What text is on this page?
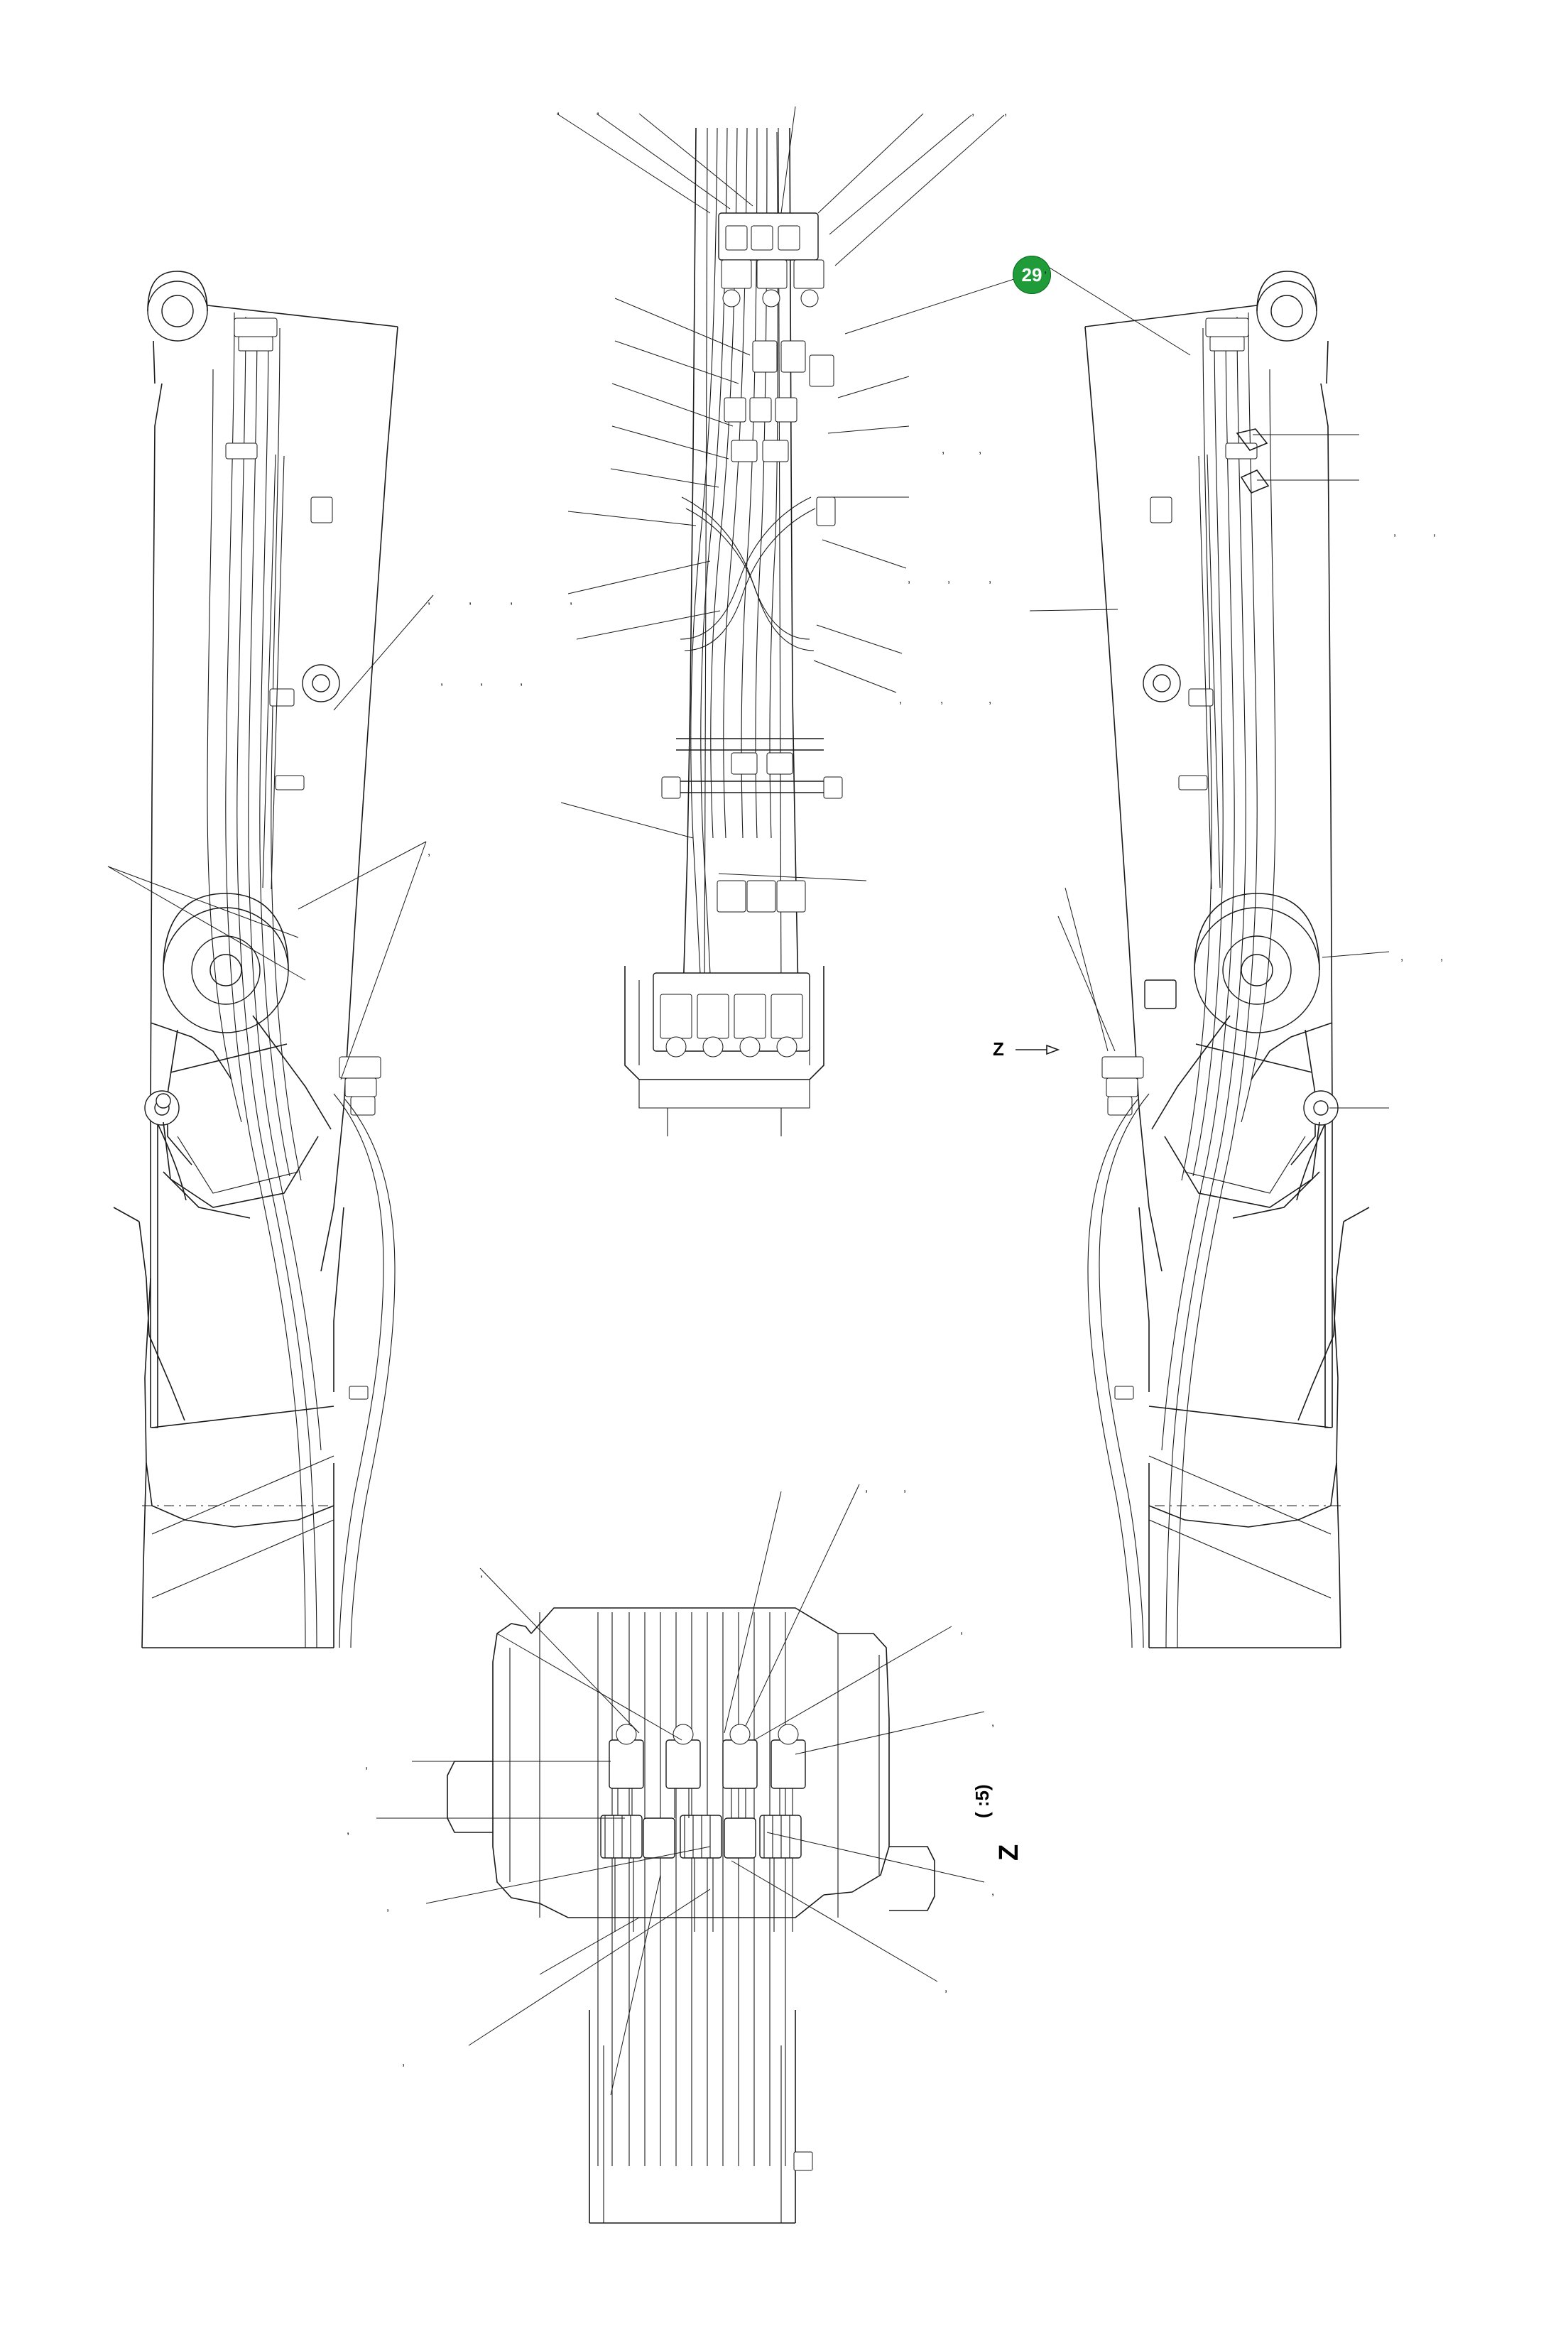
29
Z
( :5)
Z
,	,	,	,
,
,	,
,	,
,	,	,	,
,	,	,
,	,	,
,	,	,
,	,
,
,	,
,
,
,
,
,
,
,
,
,
